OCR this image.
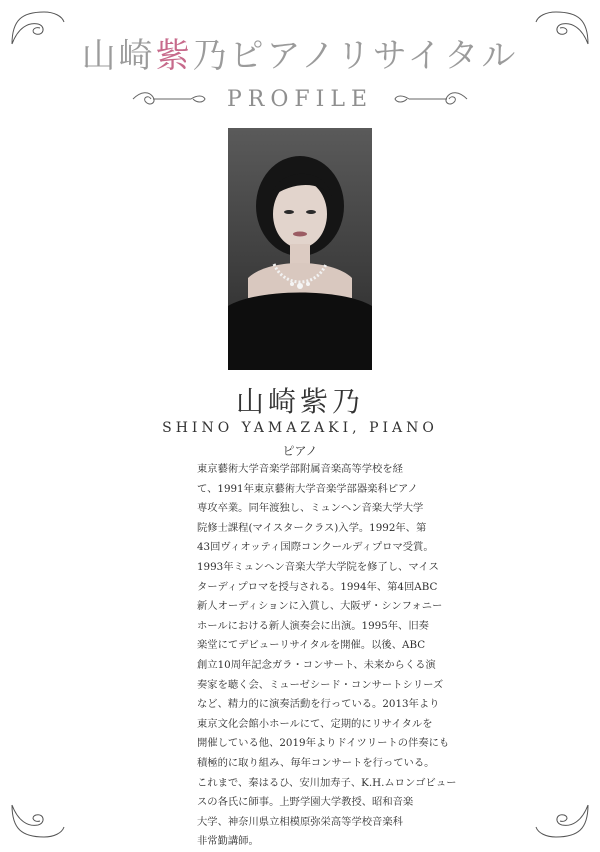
山崎紫乃ピアノリサイタル
PROFILE
山崎紫乃
SHINO YAMAZAKI, PIANO
ピアノ
東京藝術大学音楽学部附属音楽高等学校を経
て、1991年東京藝術大学音楽学部器楽科ピアノ
専攻卒業。同年渡独し、ミュンヘン音楽大学大学
院修士課程(マイスタークラス)入学。1992年、第
43回ヴィオッティ国際コンクールディプロマ受賞。
1993年ミュンヘン音楽大学大学院を修了し、マイス
ターディプロマを授与される。1994年、第4回ABC
新人オーディションに入賞し、大阪ザ・シンフォニー
ホールにおける新人演奏会に出演。1995年、旧奏
楽堂にてデビューリサイタルを開催。以後、ABC
創立10周年記念ガラ・コンサート、未来からくる演
奏家を聴く会、ミューゼシード・コンサートシリーズ
など、精力的に演奏活動を行っている。2013年より
東京文化会館小ホールにて、定期的にリサイタルを
開催している他、2019年よりドイツリートの伴奏にも
積極的に取り組み、毎年コンサートを行っている。
これまで、秦はるひ、安川加寿子、K.H.ムロンゴビュー
スの各氏に師事。上野学園大学教授、昭和音楽
大学、神奈川県立相模原弥栄高等学校音楽科
非常勤講師。
